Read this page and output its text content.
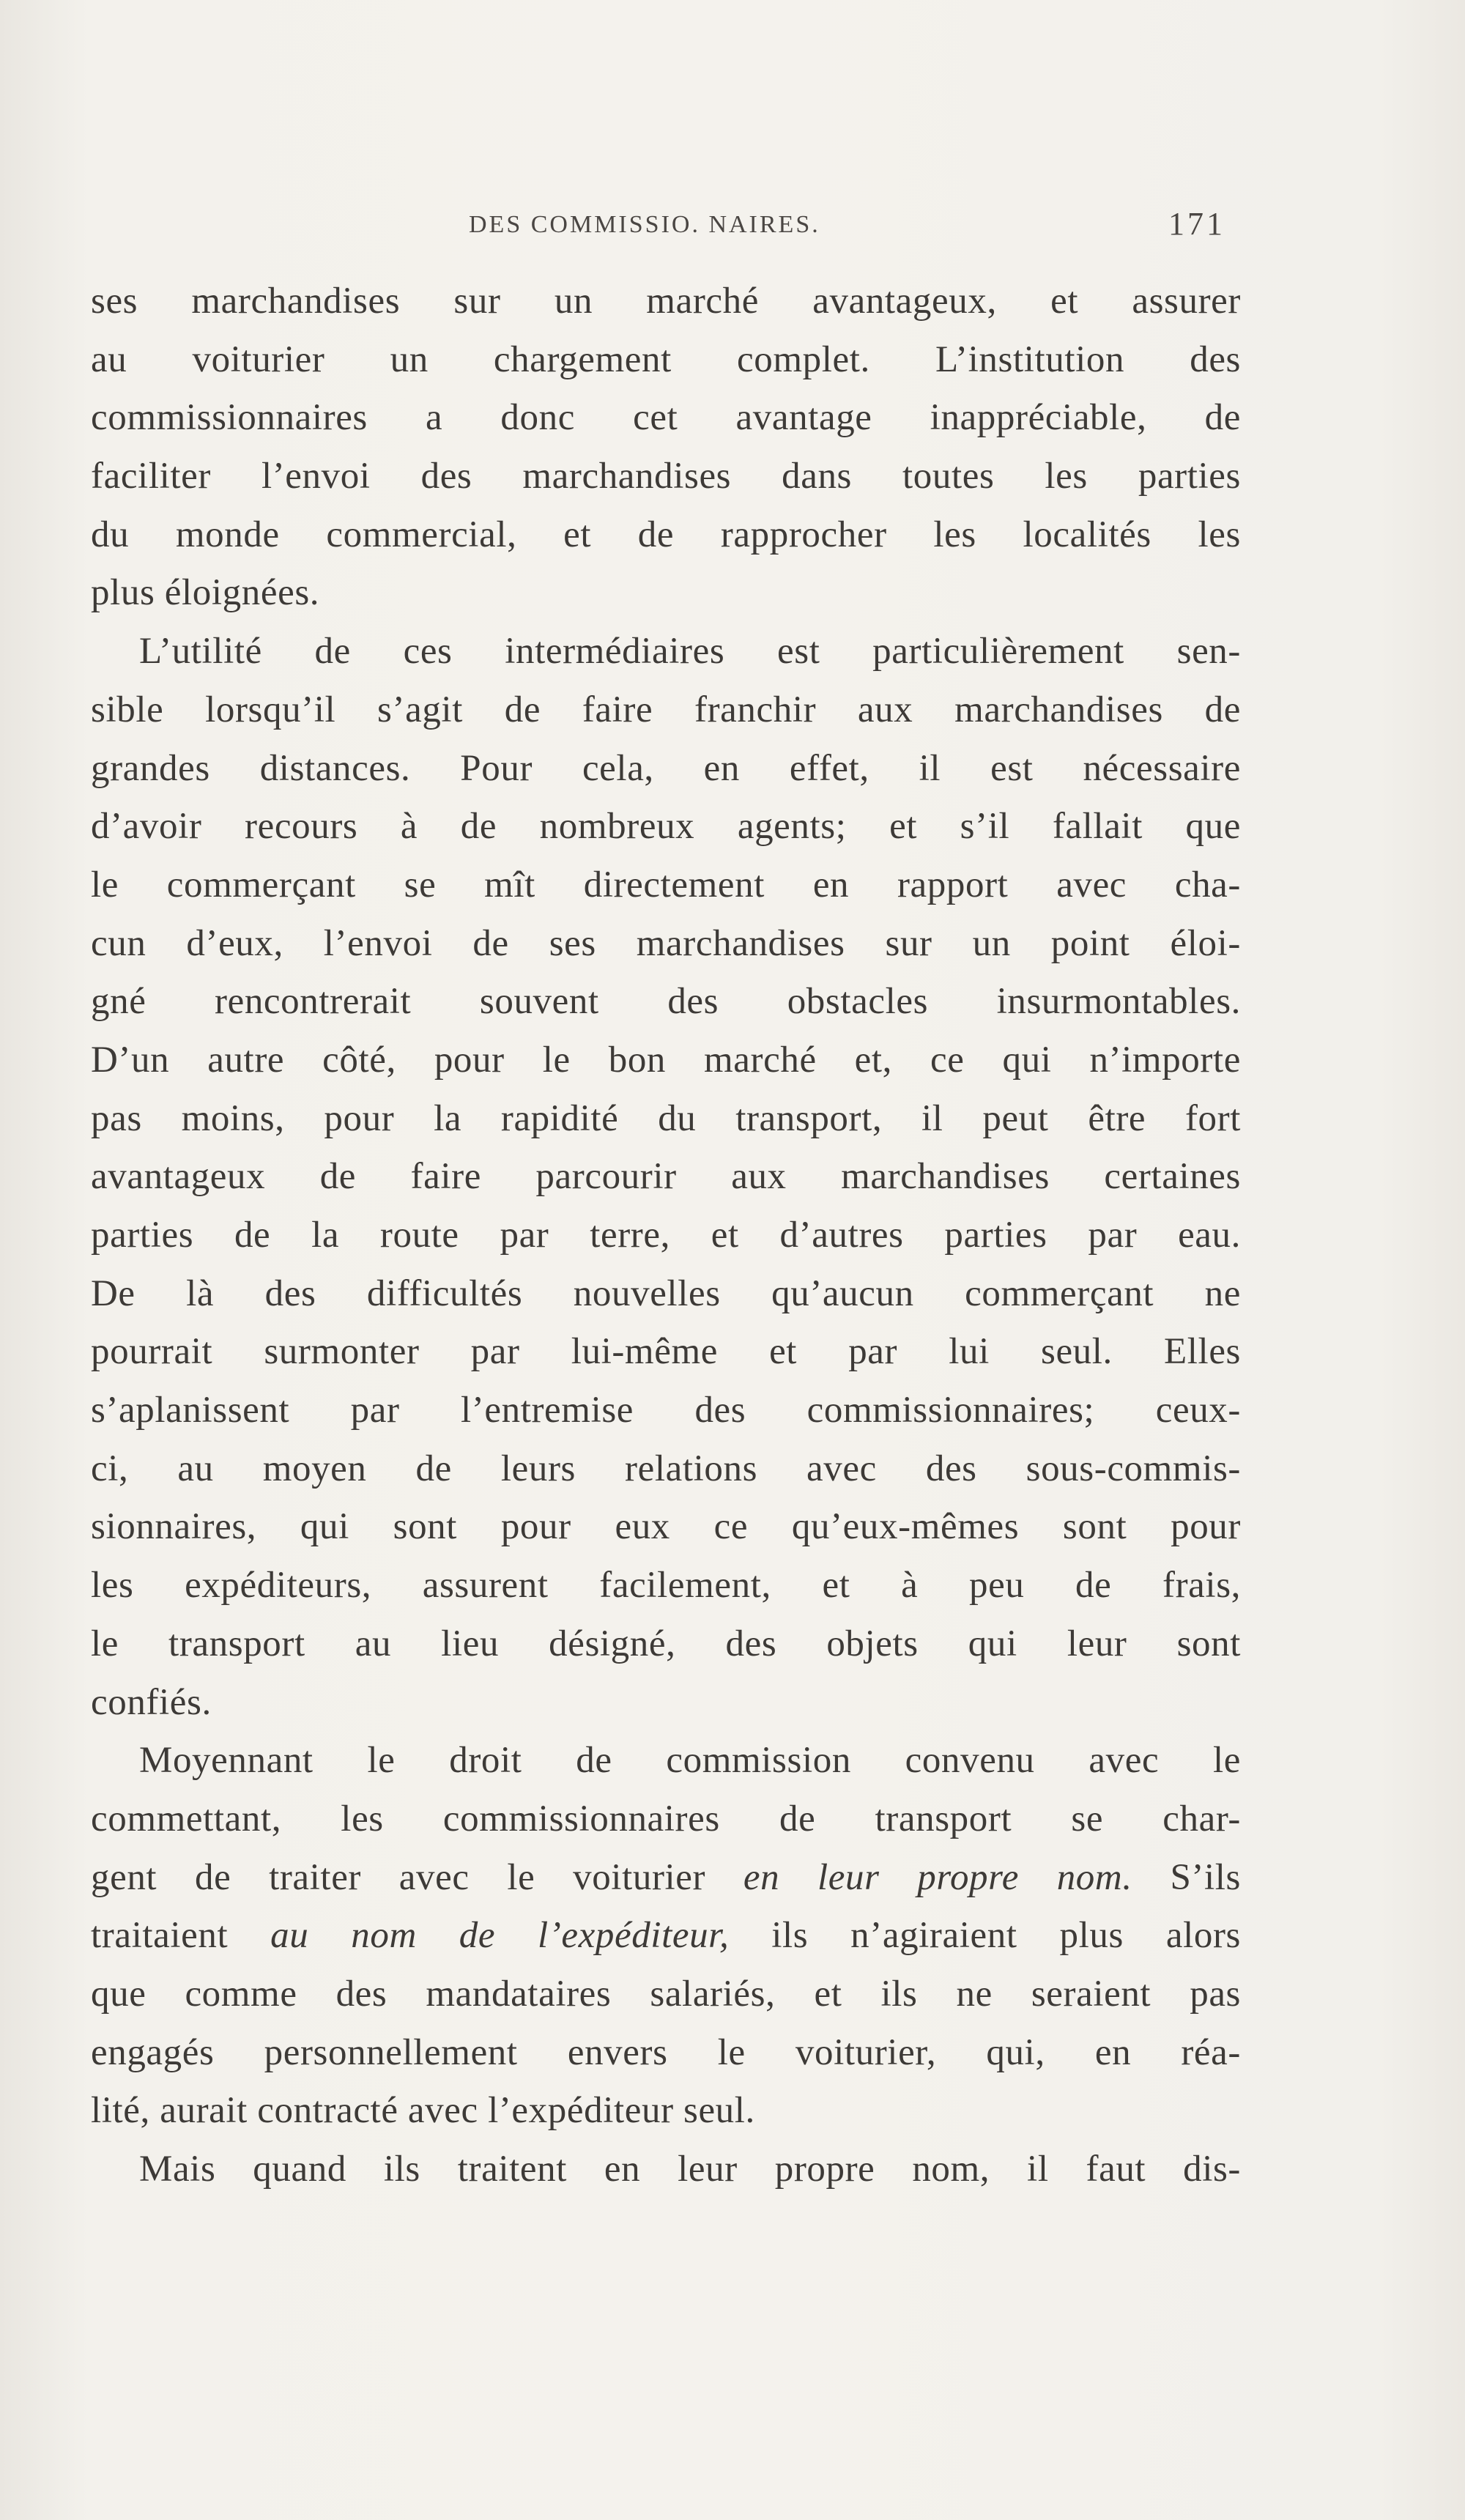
DES COMMISSIO. NAIRES.	171
ses marchandises sur un marché avantageux, et assurer
au voiturier un chargement complet. L’institution des
commissionnaires a donc cet avantage inappréciable, de
faciliter l’envoi des marchandises dans toutes les parties
du monde commercial, et de rapprocher les localités les
plus éloignées.
L’utilité de ces intermédiaires est particulièrement sen-
sible lorsqu’il s’agit de faire franchir aux marchandises de
grandes distances. Pour cela, en effet, il est nécessaire
d’avoir recours à de nombreux agents; et s’il fallait que
le commerçant se mît directement en rapport avec cha-
cun d’eux, l’envoi de ses marchandises sur un point éloi-
gné rencontrerait souvent des obstacles insurmontables.
D’un autre côté, pour le bon marché et, ce qui n’importe
pas moins, pour la rapidité du transport, il peut être fort
avantageux de faire parcourir aux marchandises certaines
parties de la route par terre, et d’autres parties par eau.
De là des difficultés nouvelles qu’aucun commerçant ne
pourrait surmonter par lui-même et par lui seul. Elles
s’aplanissent par l’entremise des commissionnaires; ceux-
ci, au moyen de leurs relations avec des sous-commis-
sionnaires, qui sont pour eux ce qu’eux-mêmes sont pour
les expéditeurs, assurent facilement, et à peu de frais,
le transport au lieu désigné, des objets qui leur sont
confiés.
Moyennant le droit de commission convenu avec le
commettant, les commissionnaires de transport se char-
gent de traiter avec le voiturier en leur propre nom. S’ils
traitaient au nom de l’expéditeur, ils n’agiraient plus alors
que comme des mandataires salariés, et ils ne seraient pas
engagés personnellement envers le voiturier, qui, en réa-
lité, aurait contracté avec l’expéditeur seul.
Mais quand ils traitent en leur propre nom, il faut dis-
